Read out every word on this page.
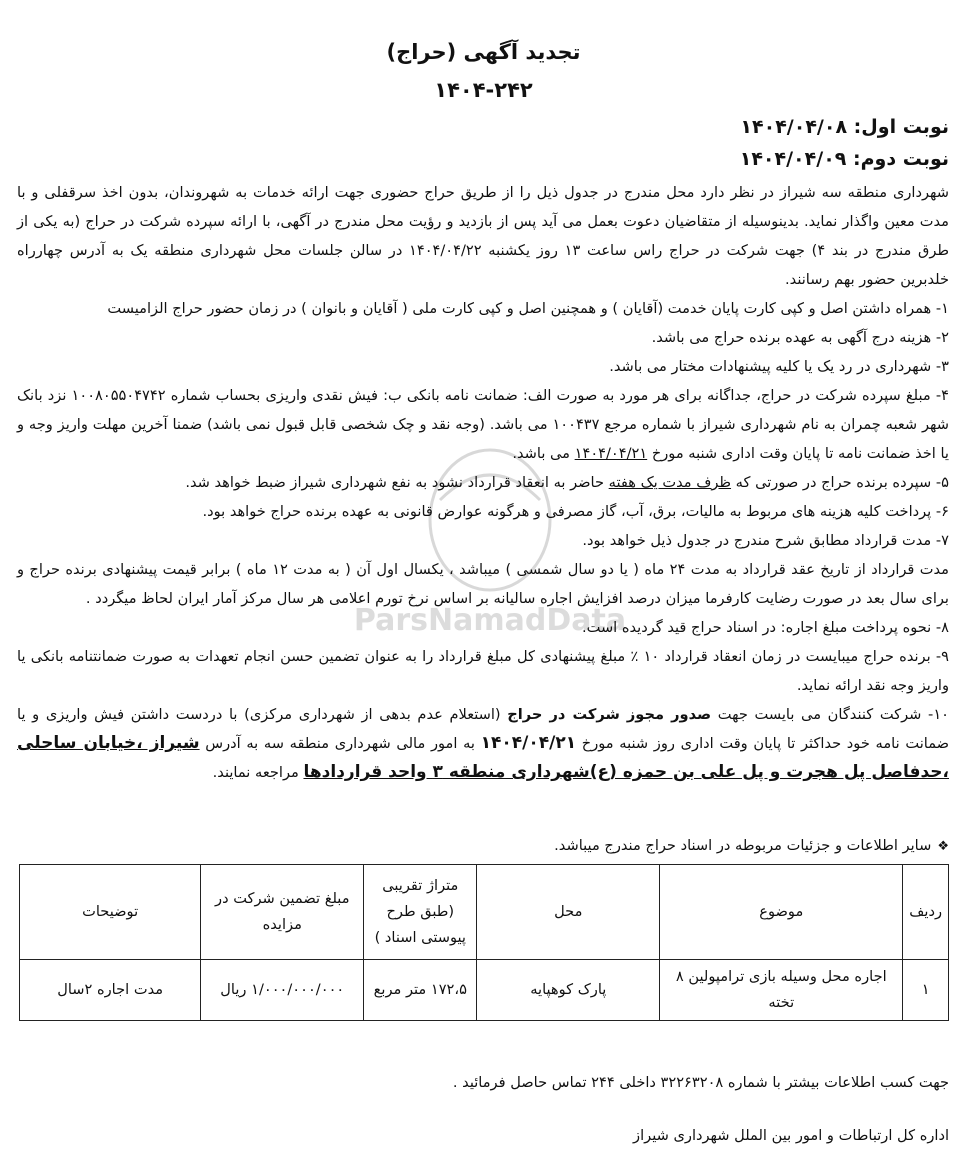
ParsNamadData
تجدید آگهی (حراج)
۱۴۰۴-۲۴۲
نوبت اول: ۱۴۰۴/۰۴/۰۸
نوبت دوم: ۱۴۰۴/۰۴/۰۹

شهرداری منطقه سه شیراز در نظر دارد محل مندرج در جدول ذیل را از طریق حراج حضوری جهت ارائه خدمات به شهروندان، بدون اخذ سرقفلی و با مدت معین واگذار نماید. بدینوسیله از متقاضیان دعوت بعمل می آید پس از بازدید و رؤیت محل مندرج در آگهی، با ارائه سپرده شرکت در حراج (به یکی از طرق مندرج در بند ۴) جهت شرکت در حراج راس ساعت ۱۳ روز یکشنبه ۱۴۰۴/۰۴/۲۲ در سالن جلسات محل شهرداری منطقه یک به آدرس چهارراه خلدبرین حضور بهم رسانند.

۱- همراه داشتن اصل و کپی کارت پایان خدمت (آقایان ) و همچنین اصل و کپی کارت ملی ( آقایان و بانوان ) در زمان حضور حراج الزامیست

۲- هزینه درج آگهی به عهده برنده حراج می باشد.

۳- شهرداری در رد یک یا کلیه پیشنهادات مختار می باشد.

۴- مبلغ سپرده شرکت در حراج، جداگانه برای هر مورد به صورت الف: ضمانت نامه بانکی ب: فیش نقدی واریزی بحساب شماره ۱۰۰۸۰۵۵۰۴۷۴۲ نزد بانک شهر شعبه چمران به نام شهرداری شیراز با شماره مرجع ۱۰۰۴۳۷ می باشد. (وجه نقد و چک شخصی قابل قبول نمی باشد) ضمنا آخرین مهلت واریز وجه و یا اخذ ضمانت نامه تا پایان وقت اداری شنبه مورخ ۱۴۰۴/۰۴/۲۱ می باشد.

۵- سپرده برنده حراج در صورتی که ظرف مدت یک هفته حاضر به انعقاد قرارداد نشود به نفع شهرداری شیراز ضبط خواهد شد.

۶- پرداخت کلیه هزینه های مربوط به مالیات، برق، آب، گاز مصرفی و هرگونه عوارض قانونی به عهده برنده حراج خواهد بود.

۷- مدت قرارداد مطابق شرح مندرج در جدول ذیل خواهد بود.

مدت قرارداد از تاریخ عقد قرارداد به مدت ۲۴ ماه ( یا دو سال شمسی ) میباشد ، یکسال اول آن ( به مدت ۱۲ ماه ) برابر قیمت پیشنهادی برنده حراج و برای سال بعد در صورت رضایت کارفرما میزان درصد افزایش اجاره سالیانه بر اساس نرخ تورم اعلامی هر سال مرکز آمار ایران لحاظ میگردد .

۸- نحوه پرداخت مبلغ اجاره: در اسناد حراج قید گردیده است.

۹- برنده حراج میبایست در زمان انعقاد قرارداد ۱۰ ٪ مبلغ پیشنهادی کل مبلغ قرارداد را به عنوان تضمین حسن انجام تعهدات به صورت ضمانتنامه بانکی یا واریز وجه نقد ارائه نماید.

۱۰- شرکت کنندگان می بایست جهت صدور مجوز شرکت در حراج (استعلام عدم بدهی از شهرداری مرکزی) با دردست داشتن فیش واریزی و یا ضمانت نامه خود حداکثر تا پایان وقت اداری روز شنبه مورخ ۱۴۰۴/۰۴/۲۱ به امور مالی شهرداری منطقه سه به آدرس شیراز ،خیابان ساحلی ،حدفاصل پل هجرت و پل علی بن حمزه (ع)شهرداری منطقه ۳ واحد قراردادها مراجعه نمایند.

❖سایر اطلاعات و جزئیات مربوطه در اسناد حراج مندرج میباشد.
ردیف	موضوع	محل	متراژ تقریبی (طبق طرح پیوستی اسناد )	مبلغ تضمین شرکت در مزایده	توضیحات
۱	اجاره محل وسیله بازی ترامپولین ۸ تخته	پارک کوهپایه	۱۷۲،۵ متر مربع	۱/۰۰۰/۰۰۰/۰۰۰ ریال	مدت اجاره ۲سال
جهت کسب اطلاعات بیشتر با شماره ۳۲۲۶۳۲۰۸ داخلی ۲۴۴ تماس حاصل فرمائید .
اداره کل ارتباطات و امور بین الملل شهرداری شیراز
